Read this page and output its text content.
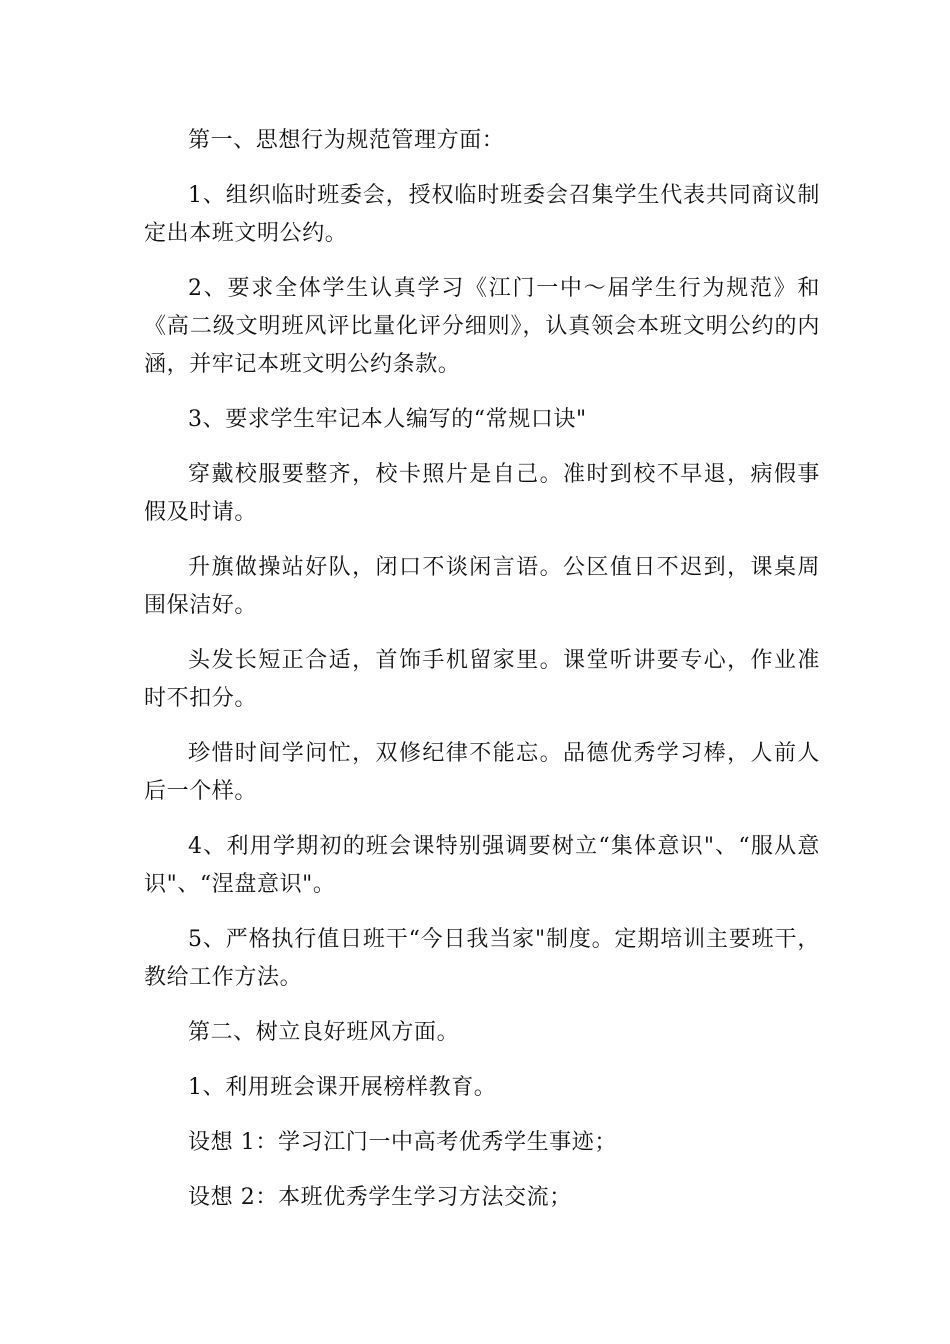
第一、思想行为规范管理方面：

1、组织临时班委会，授权临时班委会召集学生代表共同商议制定出本班文明公约。

2、要求全体学生认真学习《江门一中～届学生行为规范》和《高二级文明班风评比量化评分细则》，认真领会本班文明公约的内涵，并牢记本班文明公约条款。

3、要求学生牢记本人编写的“常规口诀"

穿戴校服要整齐，校卡照片是自己。准时到校不早退，病假事假及时请。

升旗做操站好队，闭口不谈闲言语。公区值日不迟到，课桌周围保洁好。

头发长短正合适，首饰手机留家里。课堂听讲要专心，作业准时不扣分。

珍惜时间学问忙，双修纪律不能忘。品德优秀学习棒，人前人后一个样。

4、利用学期初的班会课特别强调要树立“集体意识"、“服从意识"、“涅盘意识"。

5、严格执行值日班干“今日我当家"制度。定期培训主要班干，教给工作方法。

第二、树立良好班风方面。

1、利用班会课开展榜样教育。

设想 1：学习江门一中高考优秀学生事迹；

设想 2：本班优秀学生学习方法交流；
